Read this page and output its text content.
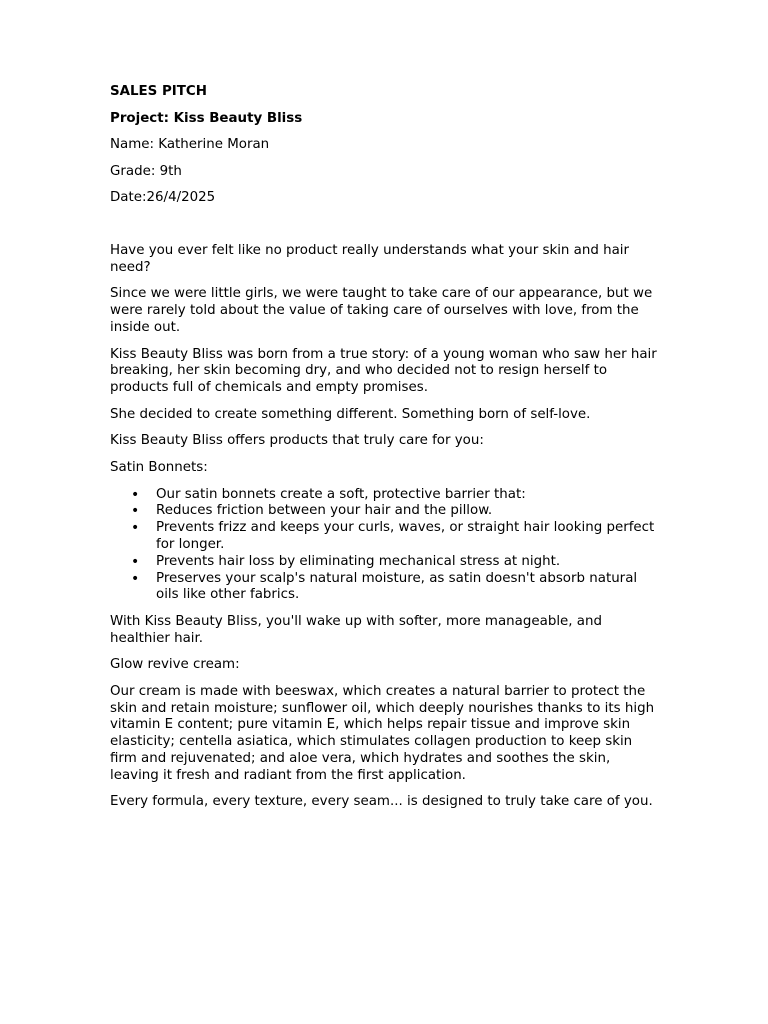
SALES PITCH

Project: Kiss Beauty Bliss

Name: Katherine Moran

Grade: 9th

Date:26/4/2025

Have you ever felt like no product really understands what your skin and hair need?

Since we were little girls, we were taught to take care of our appearance, but we were rarely told about the value of taking care of ourselves with love, from the inside out.

Kiss Beauty Bliss was born from a true story: of a young woman who saw her hair breaking, her skin becoming dry, and who decided not to resign herself to products full of chemicals and empty promises.

She decided to create something different. Something born of self-love.

Kiss Beauty Bliss offers products that truly care for you:

Satin Bonnets:

• Our satin bonnets create a soft, protective barrier that:
• Reduces friction between your hair and the pillow.
• Prevents frizz and keeps your curls, waves, or straight hair looking perfect for longer.
• Prevents hair loss by eliminating mechanical stress at night.
• Preserves your scalp's natural moisture, as satin doesn't absorb natural oils like other fabrics.

With Kiss Beauty Bliss, you'll wake up with softer, more manageable, and healthier hair.

Glow revive cream:

Our cream is made with beeswax, which creates a natural barrier to protect the skin and retain moisture; sunflower oil, which deeply nourishes thanks to its high vitamin E content; pure vitamin E, which helps repair tissue and improve skin elasticity; centella asiatica, which stimulates collagen production to keep skin firm and rejuvenated; and aloe vera, which hydrates and soothes the skin, leaving it fresh and radiant from the first application.

Every formula, every texture, every seam... is designed to truly take care of you.
